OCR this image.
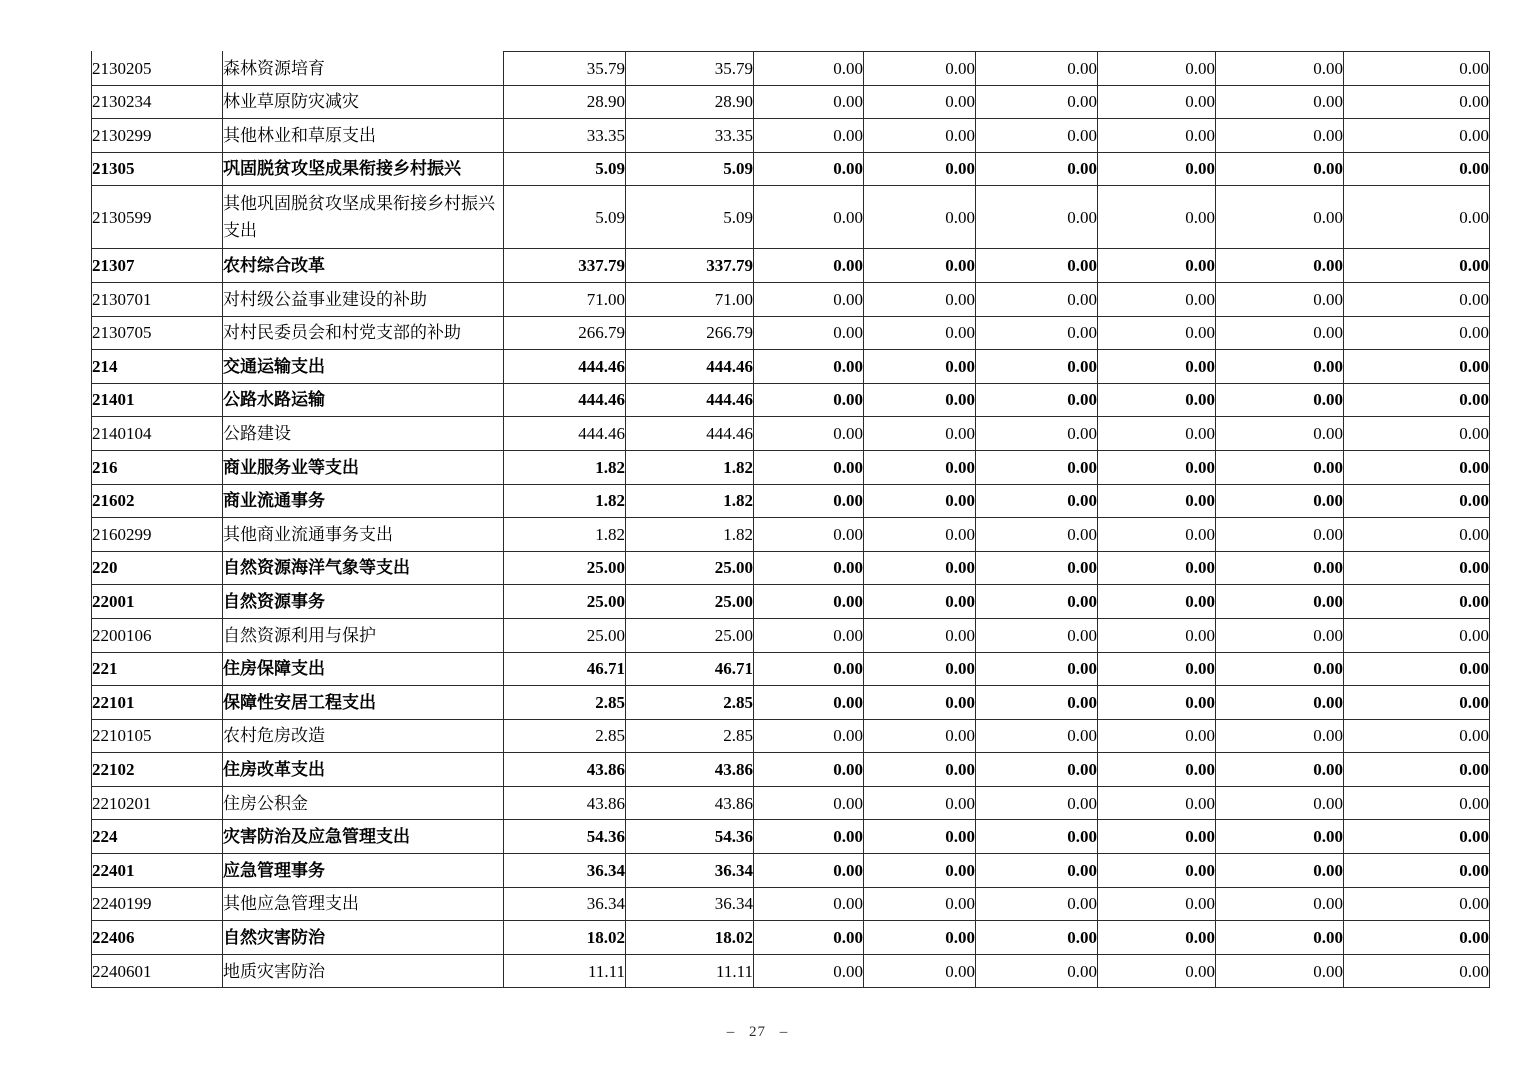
2130205	森林资源培育	35.79	35.79	0.00	0.00	0.00	0.00	0.00	0.00
2130234	林业草原防灾减灾	28.90	28.90	0.00	0.00	0.00	0.00	0.00	0.00
2130299	其他林业和草原支出	33.35	33.35	0.00	0.00	0.00	0.00	0.00	0.00
21305	巩固脱贫攻坚成果衔接乡村振兴	5.09	5.09	0.00	0.00	0.00	0.00	0.00	0.00
2130599	其他巩固脱贫攻坚成果衔接乡村振兴支出	5.09	5.09	0.00	0.00	0.00	0.00	0.00	0.00
21307	农村综合改革	337.79	337.79	0.00	0.00	0.00	0.00	0.00	0.00
2130701	对村级公益事业建设的补助	71.00	71.00	0.00	0.00	0.00	0.00	0.00	0.00
2130705	对村民委员会和村党支部的补助	266.79	266.79	0.00	0.00	0.00	0.00	0.00	0.00
214	交通运输支出	444.46	444.46	0.00	0.00	0.00	0.00	0.00	0.00
21401	公路水路运输	444.46	444.46	0.00	0.00	0.00	0.00	0.00	0.00
2140104	公路建设	444.46	444.46	0.00	0.00	0.00	0.00	0.00	0.00
216	商业服务业等支出	1.82	1.82	0.00	0.00	0.00	0.00	0.00	0.00
21602	商业流通事务	1.82	1.82	0.00	0.00	0.00	0.00	0.00	0.00
2160299	其他商业流通事务支出	1.82	1.82	0.00	0.00	0.00	0.00	0.00	0.00
220	自然资源海洋气象等支出	25.00	25.00	0.00	0.00	0.00	0.00	0.00	0.00
22001	自然资源事务	25.00	25.00	0.00	0.00	0.00	0.00	0.00	0.00
2200106	自然资源利用与保护	25.00	25.00	0.00	0.00	0.00	0.00	0.00	0.00
221	住房保障支出	46.71	46.71	0.00	0.00	0.00	0.00	0.00	0.00
22101	保障性安居工程支出	2.85	2.85	0.00	0.00	0.00	0.00	0.00	0.00
2210105	农村危房改造	2.85	2.85	0.00	0.00	0.00	0.00	0.00	0.00
22102	住房改革支出	43.86	43.86	0.00	0.00	0.00	0.00	0.00	0.00
2210201	住房公积金	43.86	43.86	0.00	0.00	0.00	0.00	0.00	0.00
224	灾害防治及应急管理支出	54.36	54.36	0.00	0.00	0.00	0.00	0.00	0.00
22401	应急管理事务	36.34	36.34	0.00	0.00	0.00	0.00	0.00	0.00
2240199	其他应急管理支出	36.34	36.34	0.00	0.00	0.00	0.00	0.00	0.00
22406	自然灾害防治	18.02	18.02	0.00	0.00	0.00	0.00	0.00	0.00
2240601	地质灾害防治	11.11	11.11	0.00	0.00	0.00	0.00	0.00	0.00
– 27 –
